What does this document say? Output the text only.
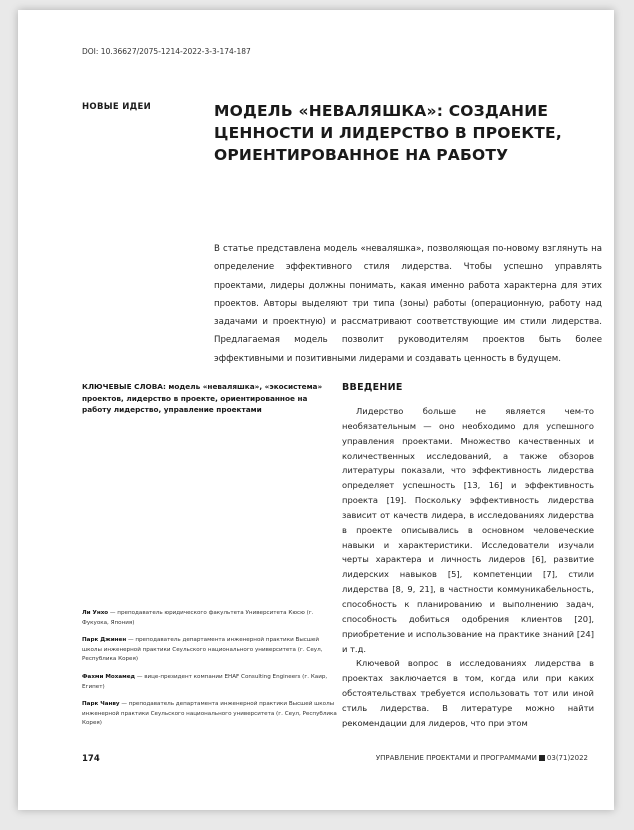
DOI: 10.36627/2075-1214-2022-3-3-174-187
НОВЫЕ ИДЕИ	МОДЕЛЬ «НЕВАЛЯШКА»: СОЗДАНИЕ ЦЕННОСТИ И ЛИДЕРСТВО В ПРОЕКТЕ, ОРИЕНТИРОВАННОЕ НА РАБОТУ
В статье представлена модель «неваляшка», позволяющая по-новому взглянуть на определение эффективного стиля лидерства. Чтобы успешно управлять проектами, лидеры должны понимать, какая именно работа характерна для этих проектов. Авторы выделяют три типа (зоны) работы (операционную, работу над задачами и проектную) и рассматривают соответствующие им стили лидерства. Предлагаемая модель позволит руководителям проектов быть более эффективными и позитивными лидерами и создавать ценность в будущем.
КЛЮЧЕВЫЕ СЛОВА: модель «неваляшка», «экосистема» проектов, лидерство в проекте, ориентированное на работу лидерство, управление проектами
ВВЕДЕНИЕ

Лидерство больше не является чем-то необязательным — оно необходимо для успешного управления проектами. Множество качественных и количественных исследований, а также обзоров литературы показали, что эффективность лидерства определяет успешность [13, 16] и эффективность проекта [19]. Поскольку эффективность лидерства зависит от качеств лидера, в исследованиях лидерства в проекте описывались в основном человеческие навыки и характеристики. Исследователи изучали черты характера и личность лидеров [6], развитие лидерских навыков [5], компетенции [7], стили лидерства [8, 9, 21], в частности коммуникабельность, способность к планированию и выполнению задач, способность добиться одобрения клиентов [20], приобретение и использование на практике знаний [24] и т.д.

Ключевой вопрос в исследованиях лидерства в проектах заключается в том, когда или при каких обстоятельствах требуется использовать тот или иной стиль лидерства. В литературе можно найти рекомендации для лидеров, что при этом

Ли Унхо — преподаватель юридического факультета Университета Кюсю (г. Фукуока, Япония)
Парк Джинен — преподаватель департамента инженерной практики Высшей школы инженерной практики Сеульского национального университета (г. Сеул, Республика Корея)
Фахми Мохамед — вице-президент компании EHAF Consulting Engineers (г. Каир, Египет)
Парк Чанву — преподаватель департамента инженерной практики Высшей школы инженерной практики Сеульского национального университета (г. Сеул, Республика Корея)
174	УПРАВЛЕНИЕ ПРОЕКТАМИ И ПРОГРАММАМИ 03(71)2022
